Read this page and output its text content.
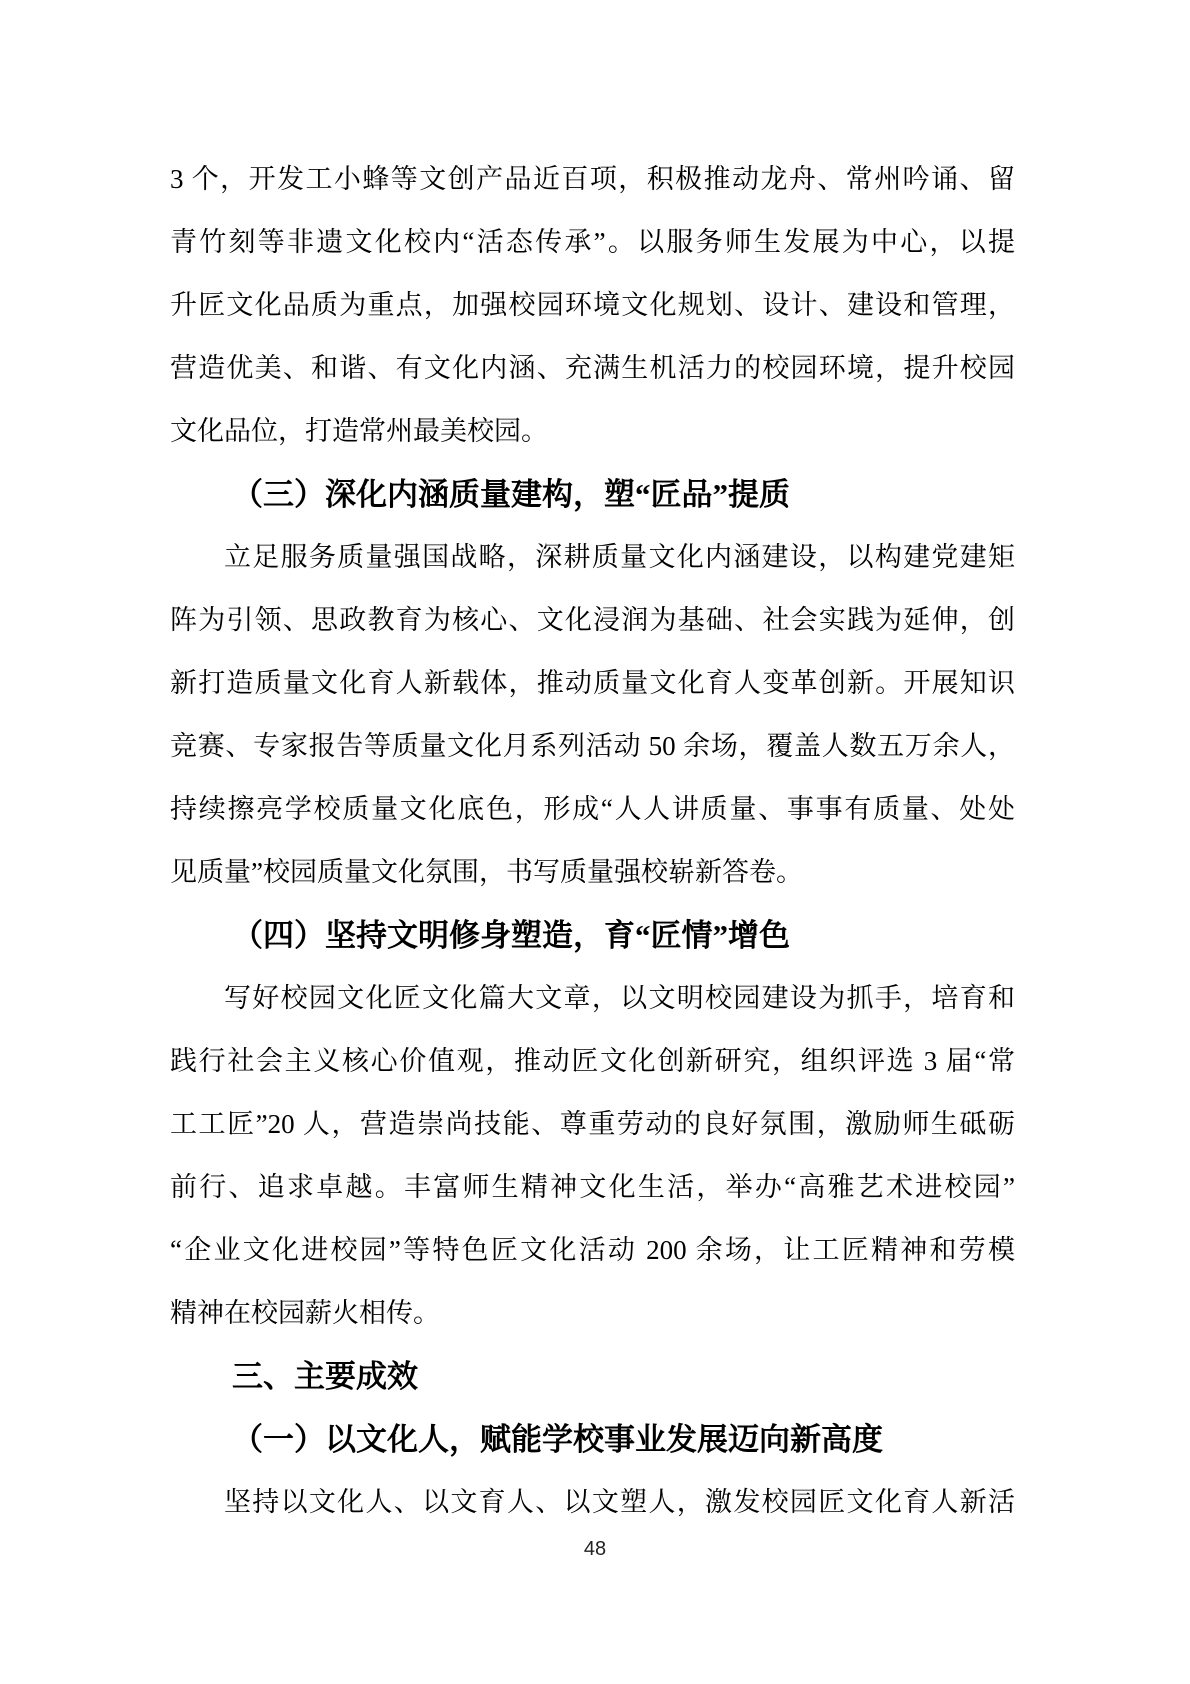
3 个，开发工小蜂等文创产品近百项，积极推动龙舟、常州吟诵、留
青竹刻等非遗文化校内“活态传承”。以服务师生发展为中心，以提
升匠文化品质为重点，加强校园环境文化规划、设计、建设和管理，
营造优美、和谐、有文化内涵、充满生机活力的校园环境，提升校园
文化品位，打造常州最美校园。
（三）深化内涵质量建构，塑“匠品”提质
立足服务质量强国战略，深耕质量文化内涵建设，以构建党建矩
阵为引领、思政教育为核心、文化浸润为基础、社会实践为延伸，创
新打造质量文化育人新载体，推动质量文化育人变革创新。开展知识
竞赛、专家报告等质量文化月系列活动 50 余场，覆盖人数五万余人，
持续擦亮学校质量文化底色，形成“人人讲质量、事事有质量、处处
见质量”校园质量文化氛围，书写质量强校崭新答卷。
（四）坚持文明修身塑造，育“匠情”增色
写好校园文化匠文化篇大文章，以文明校园建设为抓手，培育和
践行社会主义核心价值观，推动匠文化创新研究，组织评选 3 届“常
工工匠”20 人，营造崇尚技能、尊重劳动的良好氛围，激励师生砥砺
前行、追求卓越。丰富师生精神文化生活，举办“高雅艺术进校园”
“企业文化进校园”等特色匠文化活动 200 余场，让工匠精神和劳模
精神在校园薪火相传。
三、主要成效
（一）以文化人，赋能学校事业发展迈向新高度
坚持以文化人、以文育人、以文塑人，激发校园匠文化育人新活
48
